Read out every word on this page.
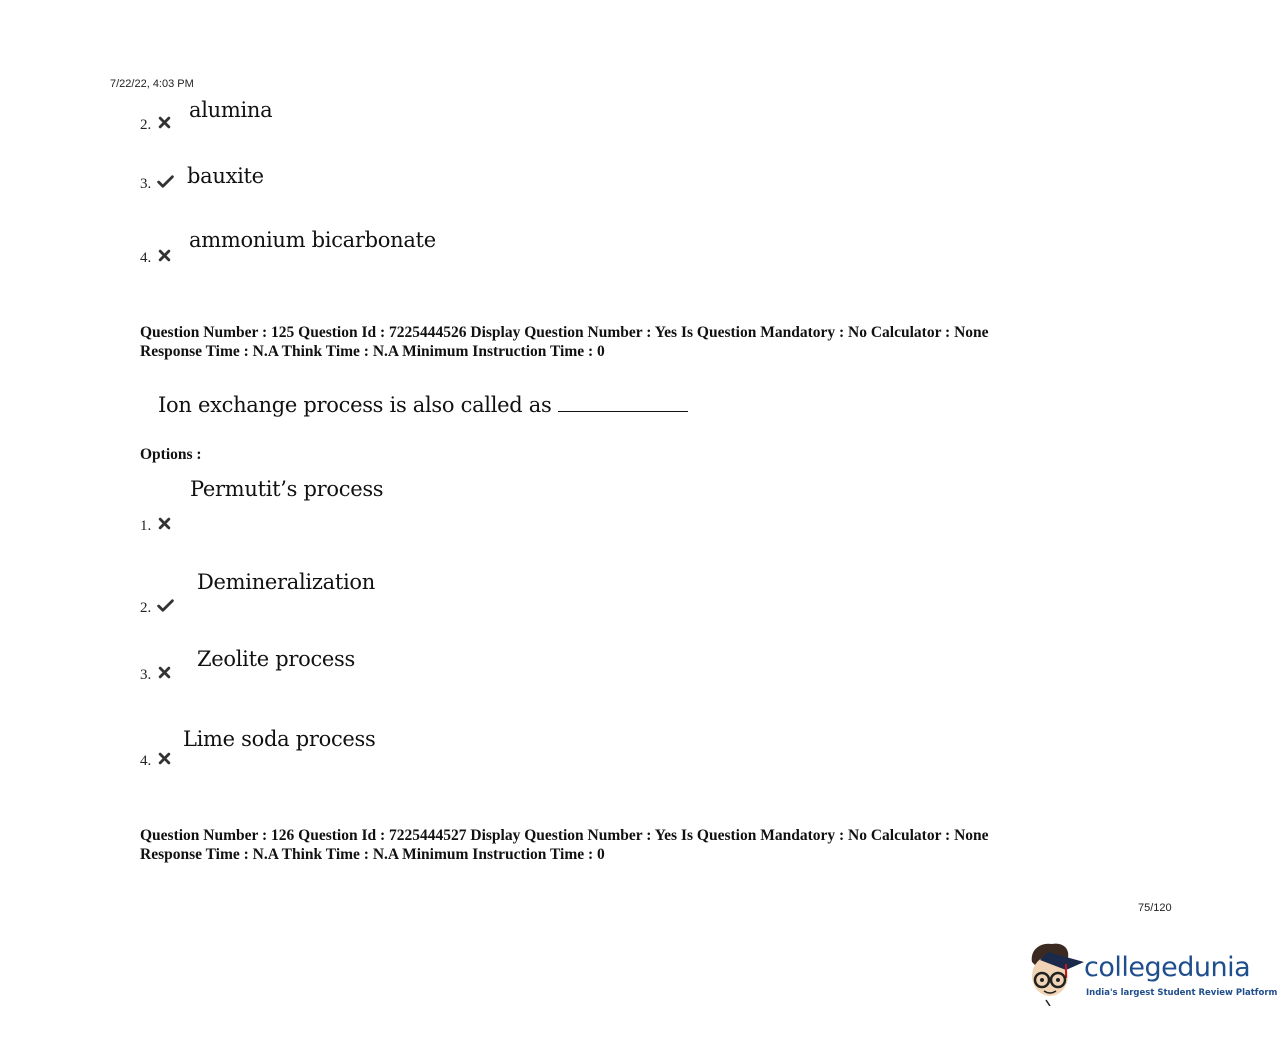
7/22/22, 4:03 PM
2.
alumina
3. bauxite
4.
ammonium bicarbonate
Question Number : 125 Question Id : 7225444526 Display Question Number : Yes Is Question Mandatory : No Calculator : None
Response Time : N.A Think Time : N.A Minimum Instruction Time : 0
Ion exchange process is also called as
Options :
1.
Permutit’s process
2.
Demineralization
3.
Zeolite process
4.
Lime soda process
Question Number : 126 Question Id : 7225444527 Display Question Number : Yes Is Question Mandatory : No Calculator : None
Response Time : N.A Think Time : N.A Minimum Instruction Time : 0
75/120
collegedunia
India's largest Student Review Platform
